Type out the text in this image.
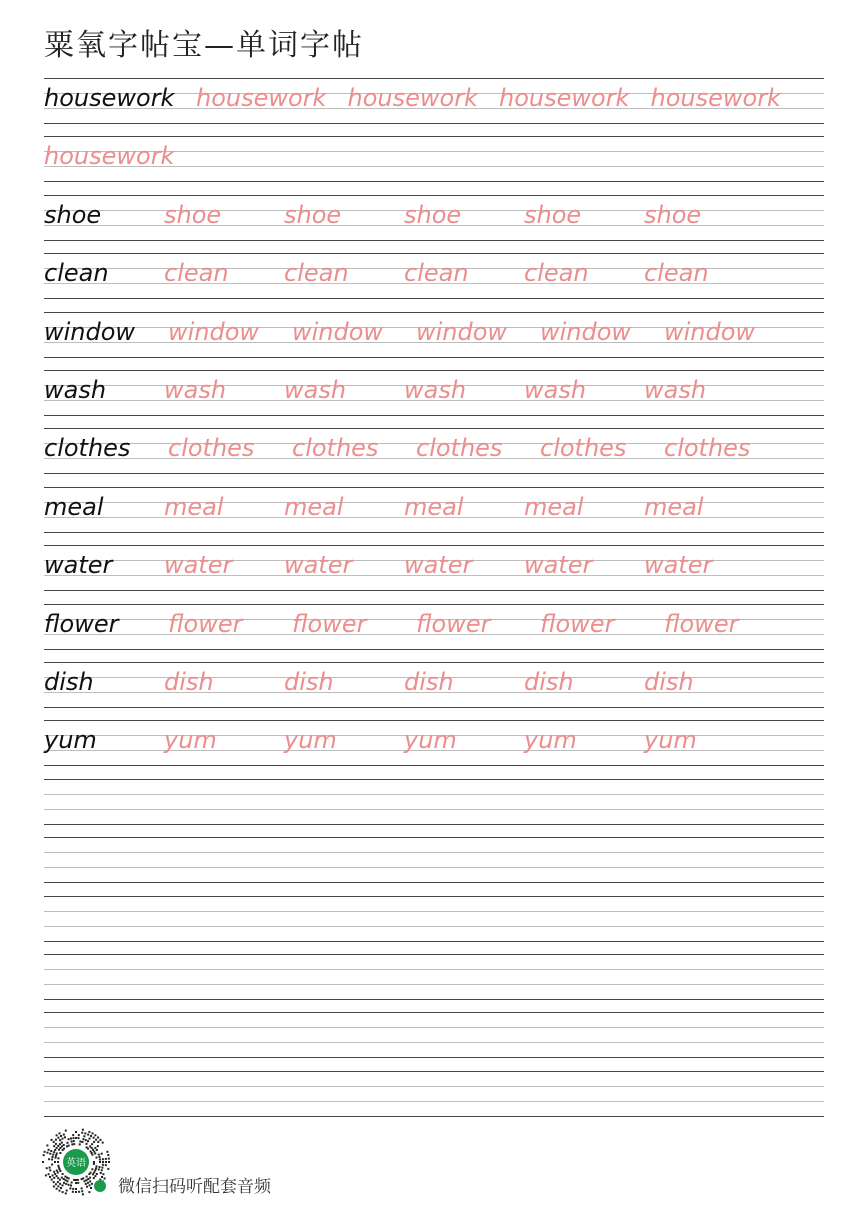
粟氧字帖宝—单词字帖
housework housework housework housework housework
housework
shoe	shoe	shoe	shoe	shoe	shoe
clean clean clean clean clean clean
window window window window window window
wash wash wash wash wash wash
clothes clothes clothes clothes clothes clothes
meal	meal	meal	meal	meal	meal
water water water water water water
flower flower flower flower flower flower
dish	dish	dish	dish	dish	dish
yum	yum	yum	yum	yum	yum
英语
微信扫码听配套音频
